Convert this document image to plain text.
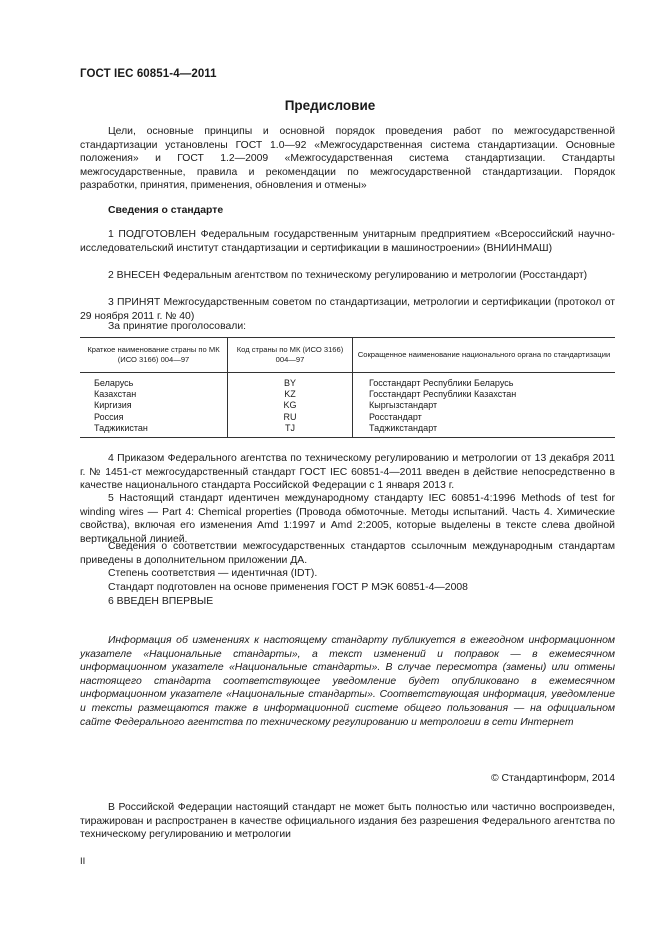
ГОСТ IEC 60851-4—2011
Предисловие

Цели, основные принципы и основной порядок проведения работ по межгосударственной стандартизации установлены ГОСТ 1.0—92 «Межгосударственная система стандартизации. Основные положения» и ГОСТ 1.2—2009 «Межгосударственная система стандартизации. Стандарты межгосударственные, правила и рекомендации по межгосударственной стандартизации. Порядок разработки, принятия, применения, обновления и отмены»

Сведения о стандарте

1 ПОДГОТОВЛЕН Федеральным государственным унитарным предприятием «Всероссийский научно-исследовательский институт стандартизации и сертификации в машиностроении» (ВНИИНМАШ)

2 ВНЕСЕН Федеральным агентством по техническому регулированию и метрологии (Росстандарт)

3 ПРИНЯТ Межгосударственным советом по стандартизации, метрологии и сертификации (протокол от 29 ноября 2011 г. № 40)

За принятие проголосовали:

Краткое наименование страны по МК (ИСО 3166) 004—97	Код страны по МК (ИСО 3166) 004—97	Сокращенное наименование национального органа по стандартизации
Беларусь	BY	Госстандарт Республики Беларусь
Казахстан	KZ	Госстандарт Республики Казахстан
Киргизия	KG	Кыргызстандарт
Россия	RU	Росстандарт
Таджикистан	TJ	Таджикстандарт

4 Приказом Федерального агентства по техническому регулированию и метрологии от 13 декабря 2011 г. № 1451-ст межгосударственный стандарт ГОСТ IEC 60851-4—2011 введен в действие непосредственно в качестве национального стандарта Российской Федерации с 1 января 2013 г.

5 Настоящий стандарт идентичен международному стандарту IEC 60851-4:1996 Methods of test for winding wires — Part 4: Chemical properties (Провода обмоточные. Методы испытаний. Часть 4. Химические свойства), включая его изменения Amd 1:1997 и Amd 2:2005, которые выделены в тексте слева двойной вертикальной линией.

Сведения о соответствии межгосударственных стандартов ссылочным международным стандартам приведены в дополнительном приложении ДА.

Степень соответствия — идентичная (IDT).

Стандарт подготовлен на основе применения ГОСТ Р МЭК 60851-4—2008

6 ВВЕДЕН ВПЕРВЫЕ

Информация об изменениях к настоящему стандарту публикуется в ежегодном информационном указателе «Национальные стандарты», а текст изменений и поправок — в ежемесячном информационном указателе «Национальные стандарты». В случае пересмотра (замены) или отмены настоящего стандарта соответствующее уведомление будет опубликовано в ежемесячном информационном указателе «Национальные стандарты». Соответствующая информация, уведомление и тексты размещаются также в информационной системе общего пользования — на официальном сайте Федерального агентства по техническому регулированию и метрологии в сети Интернет

© Стандартинформ, 2014

В Российской Федерации настоящий стандарт не может быть полностью или частично воспроизведен, тиражирован и распространен в качестве официального издания без разрешения Федерального агентства по техническому регулированию и метрологии

II
